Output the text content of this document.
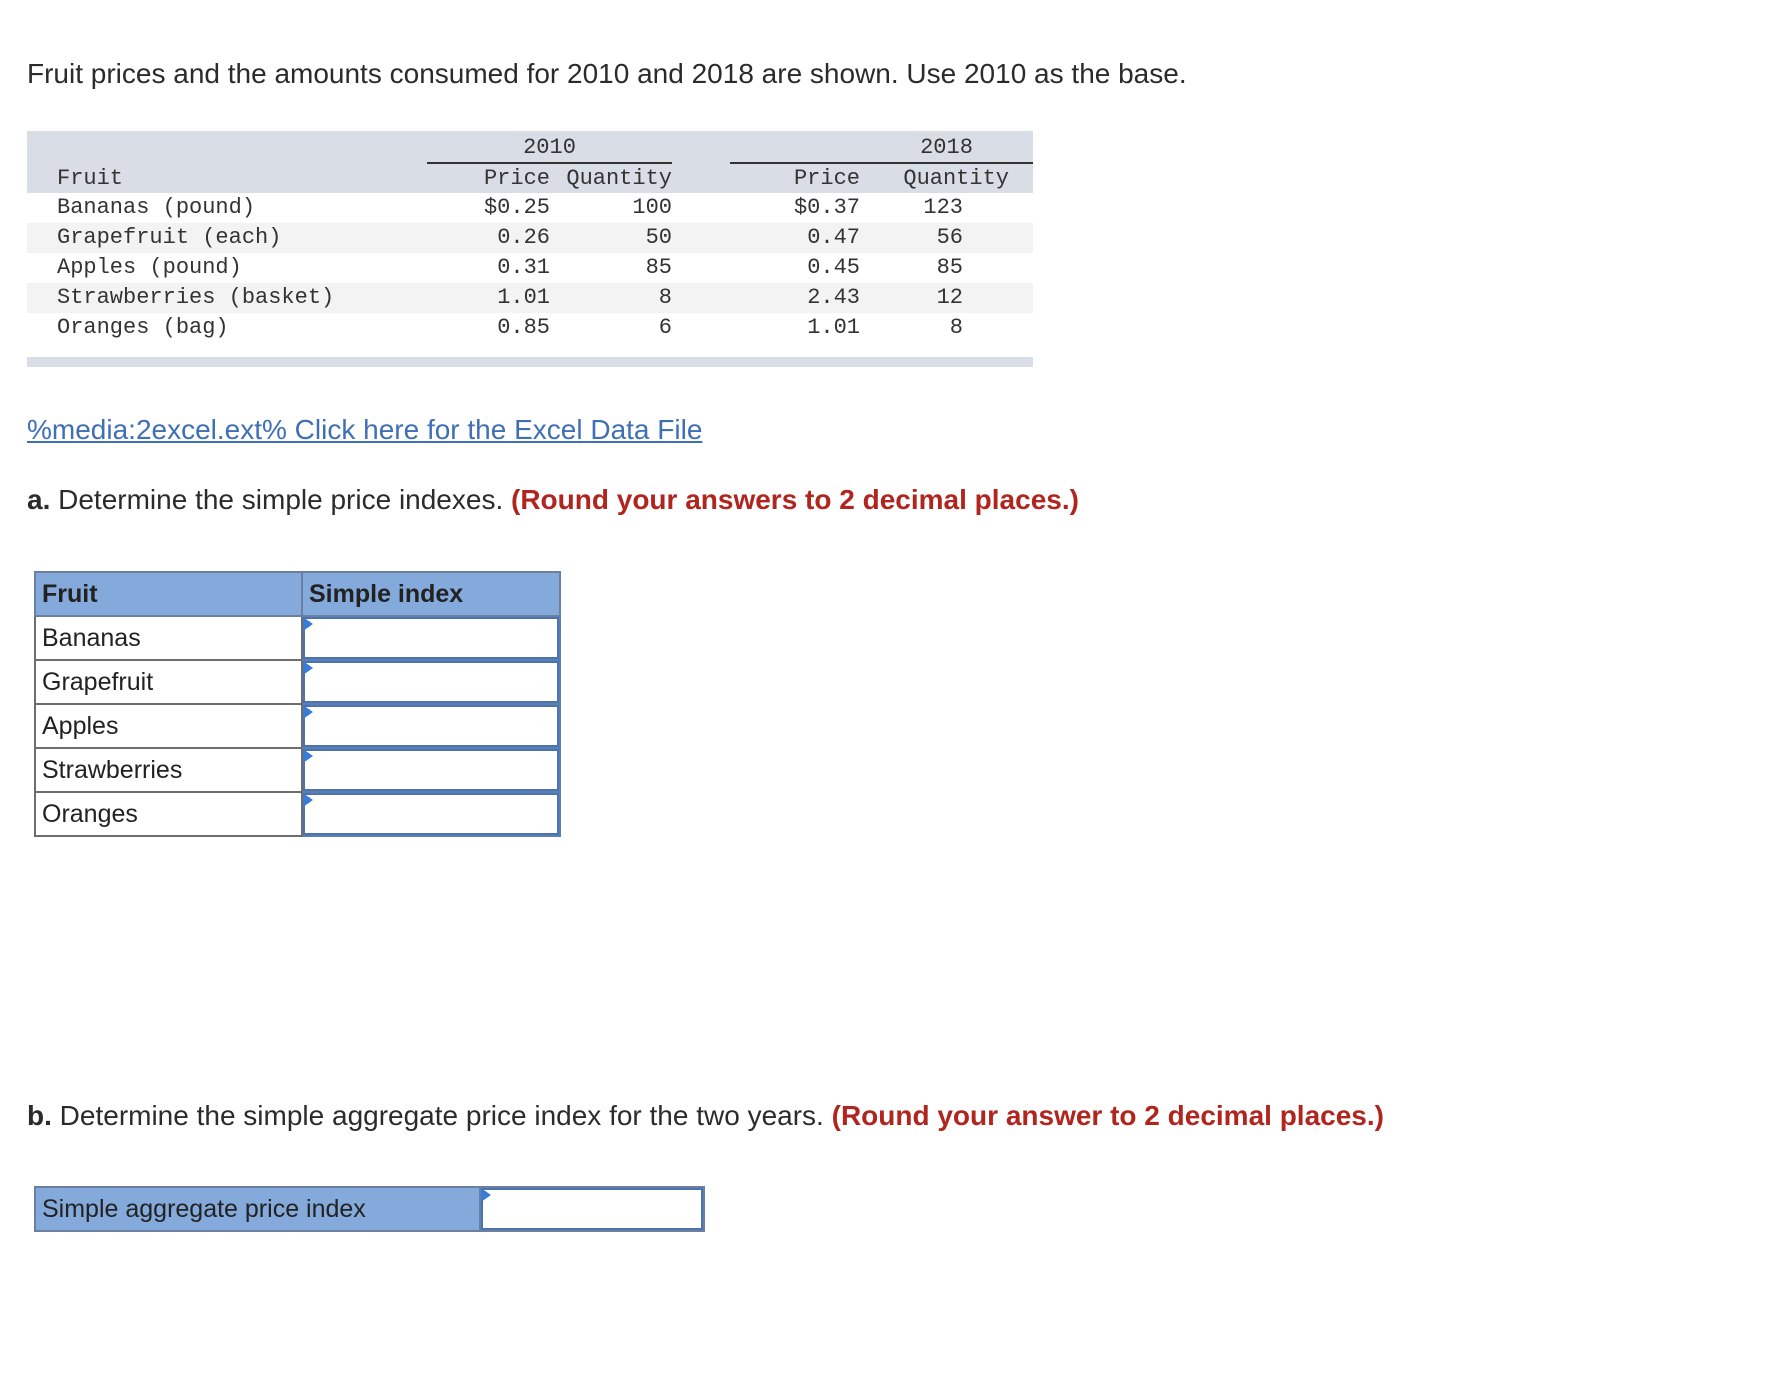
Fruit prices and the amounts consumed for 2010 and 2018 are shown. Use 2010 as the base.

	2010			2018

Fruit	Price	Quantity	Price	Quantity
Bananas (pound)	$0.25	100	$0.37	123
Grapefruit (each)	0.26	50	0.47	56
Apples (pound)	0.31	85	0.45	85
Strawberries (basket)	1.01	8	2.43	12
Oranges (bag)	0.85	6	1.01	8
%media:2excel.ext% Click here for the Excel Data File

a. Determine the simple price indexes. (Round your answers to 2 decimal places.)

Fruit	Simple index
Bananas	

Grapefruit	

Apples	

Strawberries	

Oranges	

b. Determine the simple aggregate price index for the two years. (Round your answer to 2 decimal places.)

Simple aggregate price index	
